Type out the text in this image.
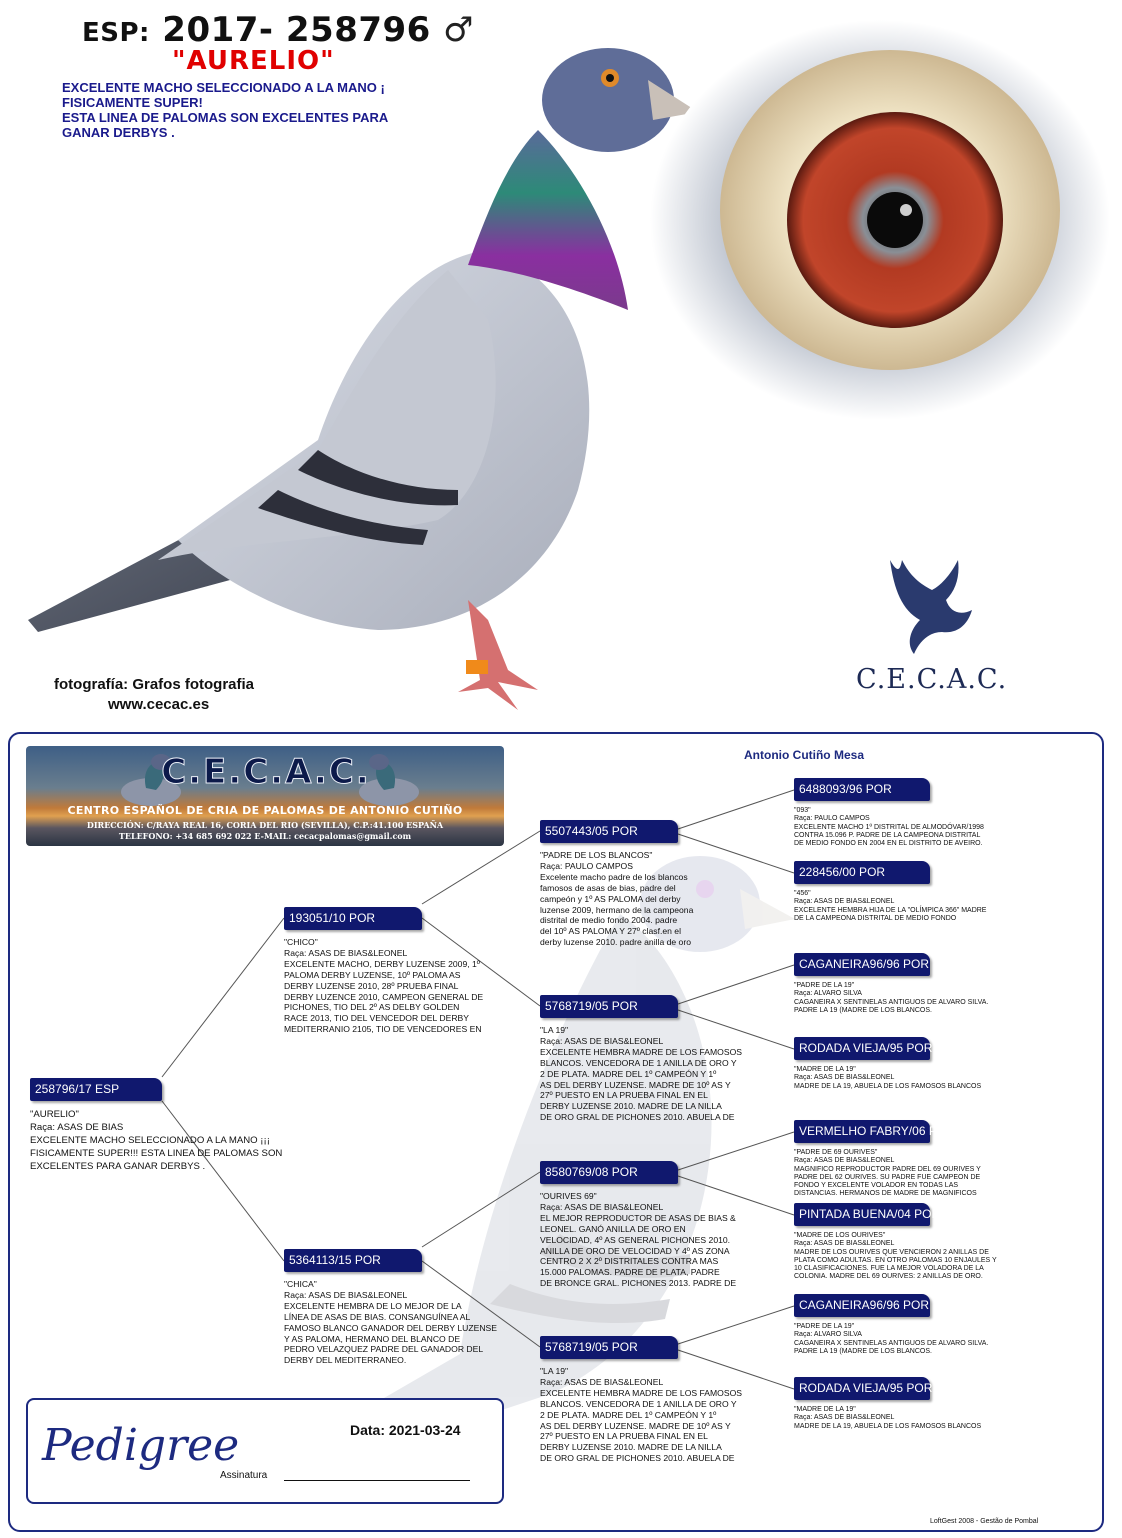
ESP: 2017- 258796 ♂
"AURELIO"
EXCELENTE MACHO SELECCIONADO A LA MANO ¡
FISICAMENTE SUPER!
ESTA LINEA DE PALOMAS SON EXCELENTES PARA
GANAR DERBYS .
fotografía: Grafos fotografia
www.cecac.es
C.E.C.A.C.
Antonio Cutiño Mesa
C.E.C.A.C.
CENTRO ESPAÑOL DE CRIA DE PALOMAS DE ANTONIO CUTIÑO
DIRECCIÓN: C/RAYA REAL 16, CORIA DEL RIO (SEVILLA), C.P.:41.100 ESPAÑA
TELEFONO: +34 685 692 022 E-MAIL: cecacpalomas@gmail.com
258796/17 ESP
"AURELIO"
Raça: ASAS DE BIAS
EXCELENTE MACHO SELECCIONADO A LA MANO ¡¡¡
FISICAMENTE SUPER!!! ESTA LINEA DE PALOMAS SON
EXCELENTES PARA GANAR DERBYS .
193051/10 POR
"CHICO"
Raça: ASAS DE BIAS&LEONEL
EXCELENTE MACHO, DERBY LUZENSE 2009, 1º
PALOMA DERBY LUZENSE, 10º PALOMA AS
DERBY LUZENSE 2010, 28º PRUEBA FINAL
DERBY LUZENCE 2010, CAMPEON GENERAL DE
PICHONES, TIO DEL 2º AS DELBY GOLDEN
RACE 2013, TIO DEL VENCEDOR DEL DERBY
MEDITERRANIO 2105, TIO DE VENCEDORES EN
5364113/15 POR
"CHICA"
Raça: ASAS DE BIAS&LEONEL
EXCELENTE HEMBRA DE LO MEJOR DE LA
LÍNEA DE ASAS DE BIAS. CONSANGUÍNEA AL
FAMOSO BLANCO GANADOR DEL DERBY LUZENSE
Y AS PALOMA, HERMANO DEL BLANCO DE
PEDRO VELAZQUEZ PADRE DEL GANADOR DEL
DERBY DEL MEDITERRANEO.
5507443/05 POR
"PADRE DE LOS BLANCOS"
Raça: PAULO CAMPOS
Excelente macho padre de los blancos
famosos de asas de bias, padre del
campeón y 1º AS PALOMA del derby
luzense 2009, hermano de la campeona
distrital de medio fondo 2004. padre
del 10º AS PALOMA Y 27º clasf.en el
derby luzense 2010. padre anilla de oro
5768719/05 POR
"LA 19"
Raça: ASAS DE BIAS&LEONEL
EXCELENTE HEMBRA MADRE DE LOS FAMOSOS
BLANCOS. VENCEDORA DE 1 ANILLA DE ORO Y
2 DE PLATA. MADRE DEL 1º CAMPEÓN Y 1º
AS DEL DERBY LUZENSE. MADRE DE 10º AS Y
27º PUESTO EN LA PRUEBA FINAL EN EL
DERBY LUZENSE 2010. MADRE DE LA NILLA
DE ORO GRAL DE PICHONES 2010. ABUELA DE
8580769/08 POR
"OURIVES 69"
Raça: ASAS DE BIAS&LEONEL
EL MEJOR REPRODUCTOR DE ASAS DE BIAS &
LEONEL. GANÓ ANILLA DE ORO EN
VELOCIDAD, 4º AS GENERAL PICHONES 2010.
ANILLA DE ORO DE VELOCIDAD Y 4º AS ZONA
CENTRO 2 X 2º DISTRITALES CONTRA MAS
15.000 PALOMAS. PADRE DE PLATA, PADRE
DE BRONCE GRAL. PICHONES 2013. PADRE DE
5768719/05 POR
"LA 19"
Raça: ASAS DE BIAS&LEONEL
EXCELENTE HEMBRA MADRE DE LOS FAMOSOS
BLANCOS. VENCEDORA DE 1 ANILLA DE ORO Y
2 DE PLATA. MADRE DEL 1º CAMPEÓN Y 1º
AS DEL DERBY LUZENSE. MADRE DE 10º AS Y
27º PUESTO EN LA PRUEBA FINAL EN EL
DERBY LUZENSE 2010. MADRE DE LA NILLA
DE ORO GRAL DE PICHONES 2010. ABUELA DE
6488093/96 POR
"093"
Raça: PAULO CAMPOS
EXCELENTE MACHO 1º DISTRITAL DE ALMODÓVAR/1998
CONTRA 15.096 P. PADRE DE LA CAMPEONA DISTRITAL
DE MEDIO FONDO EN 2004 EN EL DISTRITO DE AVEIRO.
228456/00 POR
"456"
Raça: ASAS DE BIAS&LEONEL
EXCELENTE HEMBRA HIJA DE LA "OLÍMPICA 366" MADRE
DE LA CAMPEONA DISTRITAL DE MEDIO FONDO
CAGANEIRA96/96 POR
"PADRE DE LA 19"
Raça: ALVARO SILVA
CAGANEIRA X SENTINELAS ANTIGUOS DE ALVARO SILVA.
PADRE LA 19 (MADRE DE LOS BLANCOS.
RODADA VIEJA/95 POR
"MADRE DE LA 19"
Raça: ASAS DE BIAS&LEONEL
MADRE DE LA 19, ABUELA DE LOS FAMOSOS BLANCOS
VERMELHO FABRY/06 POR
"PADRE DE 69 OURIVES"
Raça: ASAS DE BIAS&LEONEL
MAGNIFICO REPRODUCTOR PADRE DEL 69 OURIVES Y
PADRE DEL 62 OURIVES. SU PADRE FUE CAMPEON DE
FONDO Y EXCELENTE VOLADOR EN TODAS LAS
DISTANCIAS. HERMANOS DE MADRE DE MAGNIFICOS
PINTADA BUENA/04 POR
"MADRE DE LOS OURIVES"
Raça: ASAS DE BIAS&LEONEL
MADRE DE LOS OURIVES QUE VENCIERON 2 ANILLAS DE
PLATA COMO ADULTAS. EN OTRO PALOMAS 10 ENJAULES Y
10 CLASIFICACIONES. FUE LA MEJOR VOLADORA DE LA
COLONIA. MADRE DEL 69 OURIVES: 2 ANILLAS DE ORO.
CAGANEIRA96/96 POR
"PADRE DE LA 19"
Raça: ALVARO SILVA
CAGANEIRA X SENTINELAS ANTIGUOS DE ALVARO SILVA.
PADRE LA 19 (MADRE DE LOS BLANCOS.
RODADA VIEJA/95 POR
"MADRE DE LA 19"
Raça: ASAS DE BIAS&LEONEL
MADRE DE LA 19, ABUELA DE LOS FAMOSOS BLANCOS
Pedigree	Data: 2021-03-24
Assinatura
LoftGest 2008 - Gestão de Pombal
